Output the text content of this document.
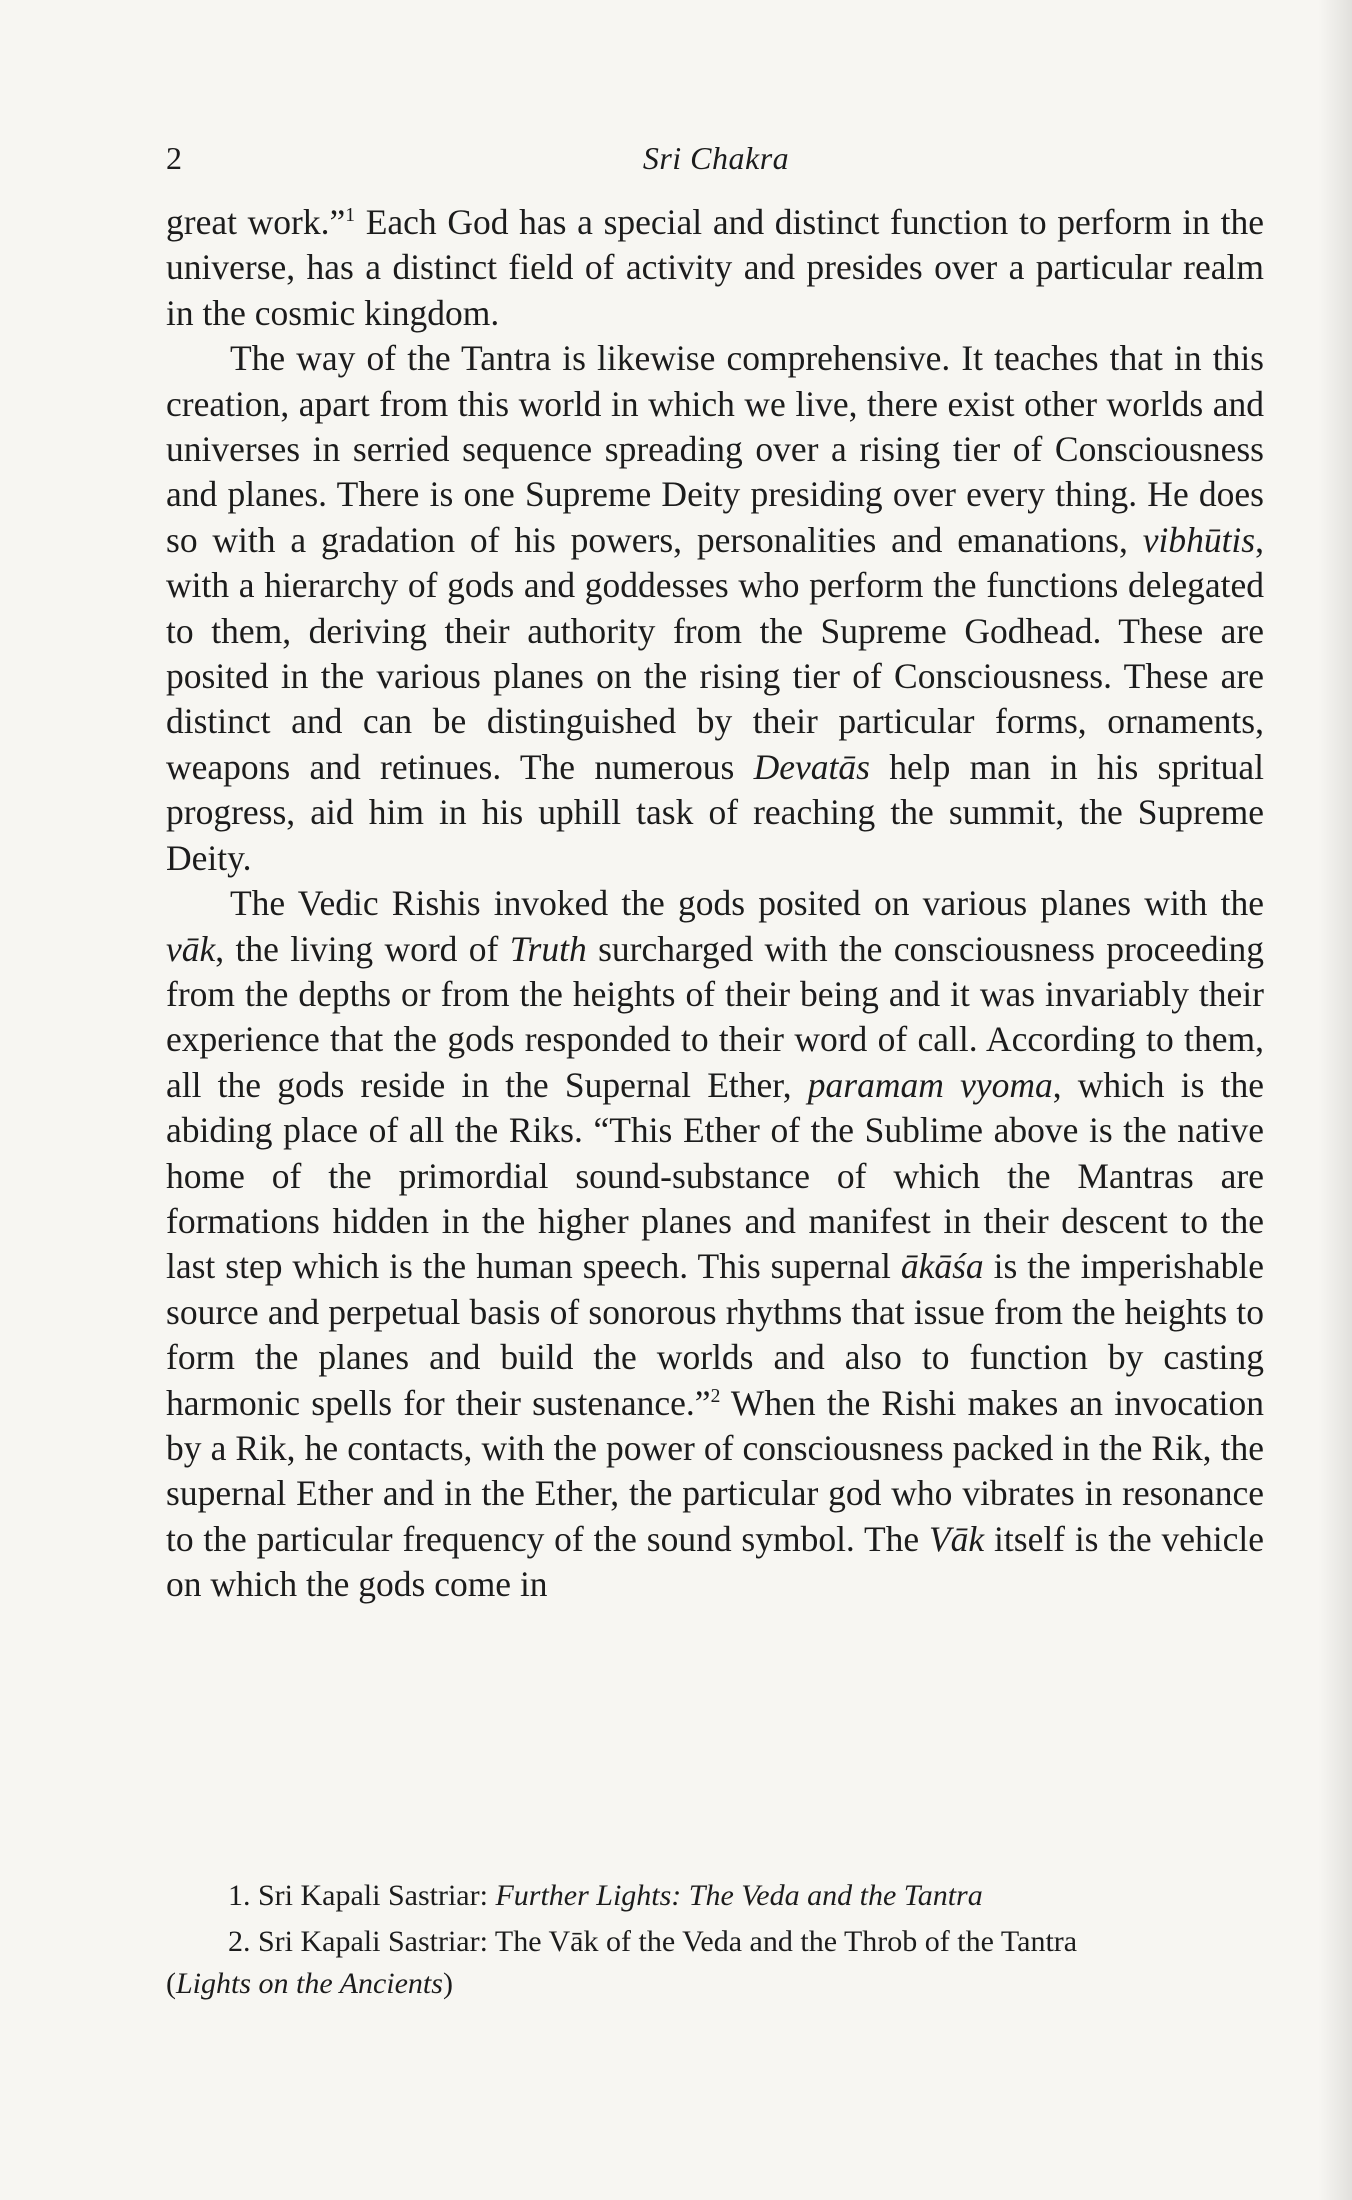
2	Sri Chakra

great work.”$^1$ Each God has a special and distinct function to perform in the universe, has a distinct field of activity and presides over a particular realm in the cosmic kingdom.

The way of the Tantra is likewise comprehensive. It teaches that in this creation, apart from this world in which we live, there exist other worlds and universes in serried sequence spreading over a rising tier of Consciousness and planes. There is one Supreme Deity presiding over every thing. He does so with a gradation of his powers, personalities and emanations, vibhūtis, with a hierarchy of gods and goddesses who perform the functions delegated to them, deriving their authority from the Supreme Godhead. These are posited in the various planes on the rising tier of Consciousness. These are distinct and can be distinguished by their particular forms, ornaments, weapons and retinues. The numerous Devatās help man in his spritual progress, aid him in his uphill task of reaching the summit, the Supreme Deity.

The Vedic Rishis invoked the gods posited on various planes with the vāk, the living word of Truth surcharged with the consciousness proceeding from the depths or from the heights of their being and it was invariably their experience that the gods responded to their word of call. According to them, all the gods reside in the Supernal Ether, paramam vyoma, which is the abiding place of all the Riks. “This Ether of the Sublime above is the native home of the primordial sound-substance of which the Mantras are formations hidden in the higher planes and manifest in their descent to the last step which is the human speech. This supernal ākāśa is the imperishable source and perpetual basis of sonorous rhythms that issue from the heights to form the planes and build the worlds and also to function by casting harmonic spells for their sustenance.”$^2$ When the Rishi makes an invocation by a Rik, he contacts, with the power of consciousness packed in the Rik, the supernal Ether and in the Ether, the particular god who vibrates in resonance to the particular frequency of the sound symbol. The Vāk itself is the vehicle on which the gods come in

1. Sri Kapali Sastriar: Further Lights: The Veda and the Tantra

2. Sri Kapali Sastriar: The Vāk of the Veda and the Throb of the Tantra
(Lights on the Ancients)
